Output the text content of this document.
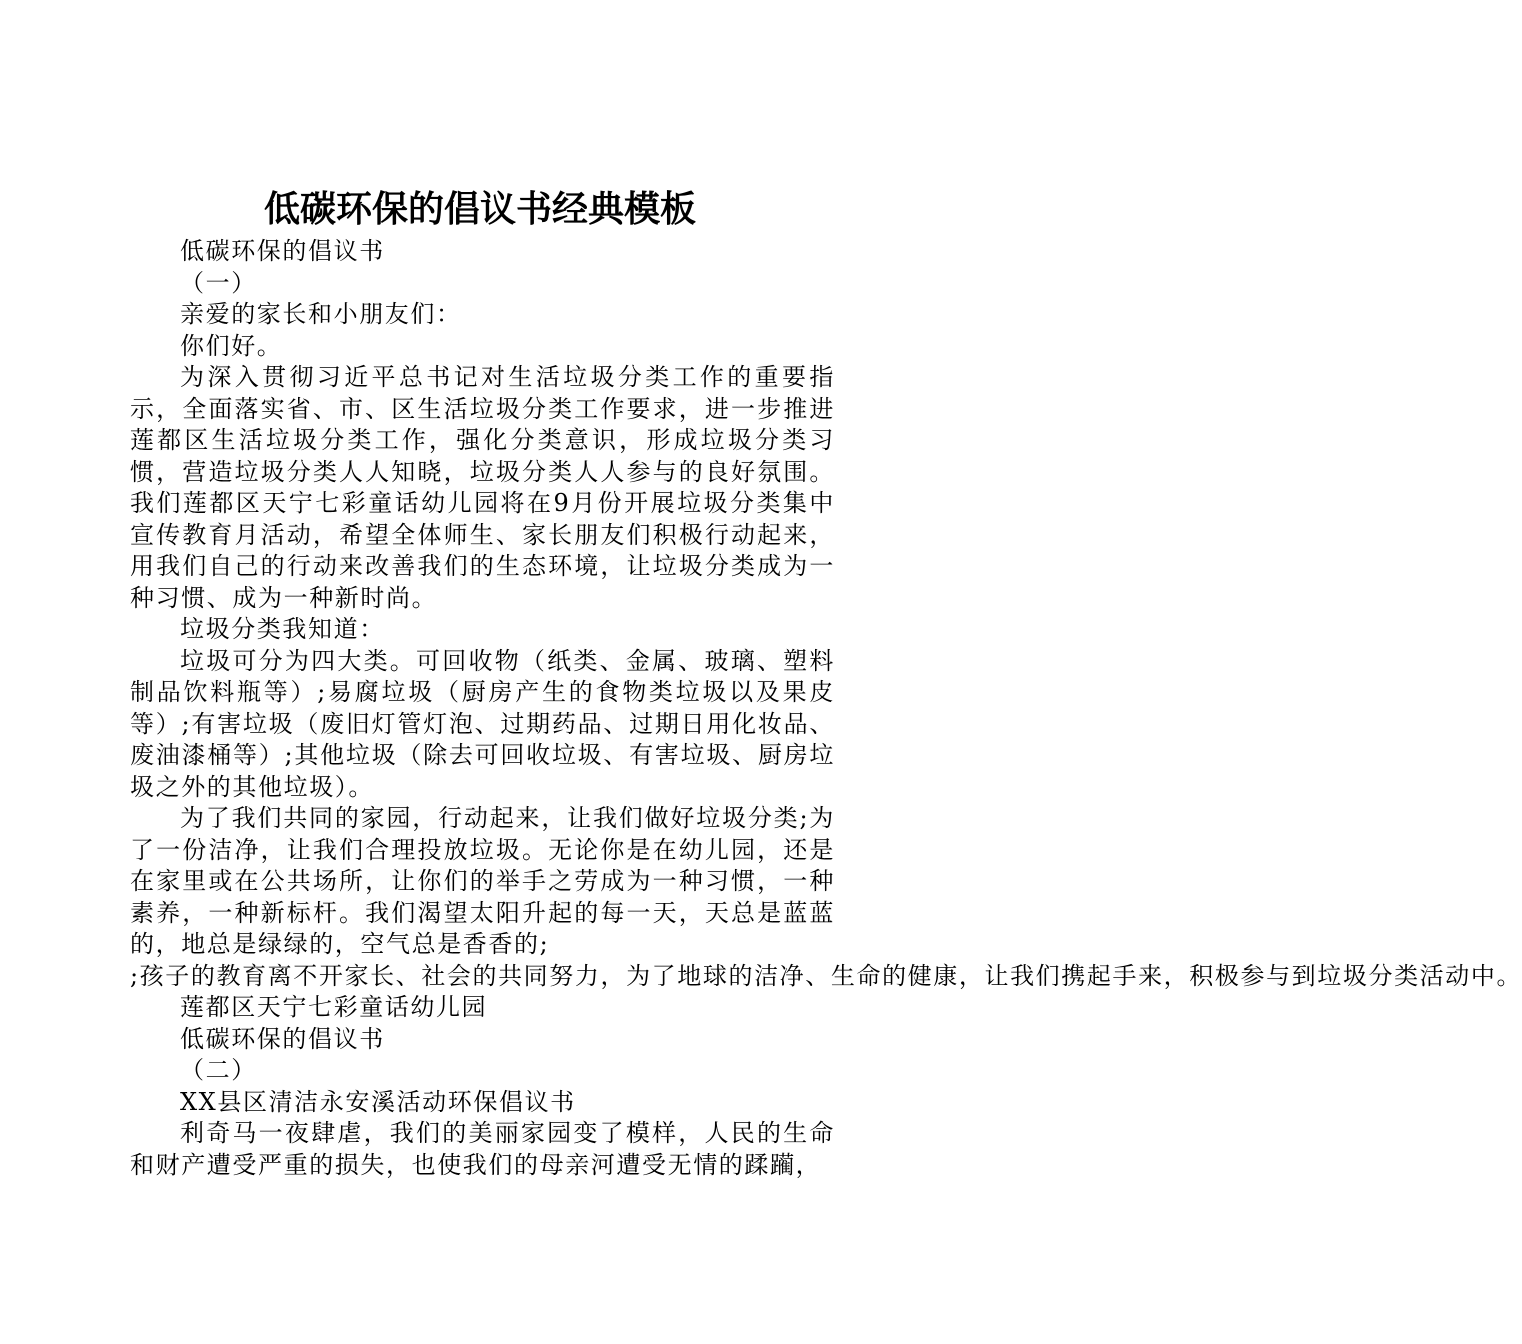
低碳环保的倡议书经典模板

低碳环保的倡议书

（一）

亲爱的家长和小朋友们：

你们好。

为深入贯彻习近平总书记对生活垃圾分类工作的重要指示，全面落实省、市、区生活垃圾分类工作要求，进一步推进莲都区生活垃圾分类工作，强化分类意识，形成垃圾分类习惯，营造垃圾分类人人知晓，垃圾分类人人参与的良好氛围。我们莲都区天宁七彩童话幼儿园将在9月份开展垃圾分类集中宣传教育月活动，希望全体师生、家长朋友们积极行动起来，用我们自己的行动来改善我们的生态环境，让垃圾分类成为一种习惯、成为一种新时尚。

垃圾分类我知道：

垃圾可分为四大类。可回收物（纸类、金属、玻璃、塑料制品饮料瓶等）;易腐垃圾（厨房产生的食物类垃圾以及果皮等）;有害垃圾（废旧灯管灯泡、过期药品、过期日用化妆品、废油漆桶等）;其他垃圾（除去可回收垃圾、有害垃圾、厨房垃圾之外的其他垃圾）。

为了我们共同的家园，行动起来，让我们做好垃圾分类;为了一份洁净，让我们合理投放垃圾。无论你是在幼儿园，还是在家里或在公共场所，让你们的举手之劳成为一种习惯，一种素养，一种新标杆。我们渴望太阳升起的每一天，天总是蓝蓝的，地总是绿绿的，空气总是香香的;

;孩子的教育离不开家长、社会的共同努力，为了地球的洁净、生命的健康，让我们携起手来，积极参与到垃圾分类活动中。

莲都区天宁七彩童话幼儿园

低碳环保的倡议书

（二）

XX县区清洁永安溪活动环保倡议书

利奇马一夜肆虐，我们的美丽家园变了模样，人民的生命和财产遭受严重的损失，也使我们的母亲河遭受无情的蹂躏，
